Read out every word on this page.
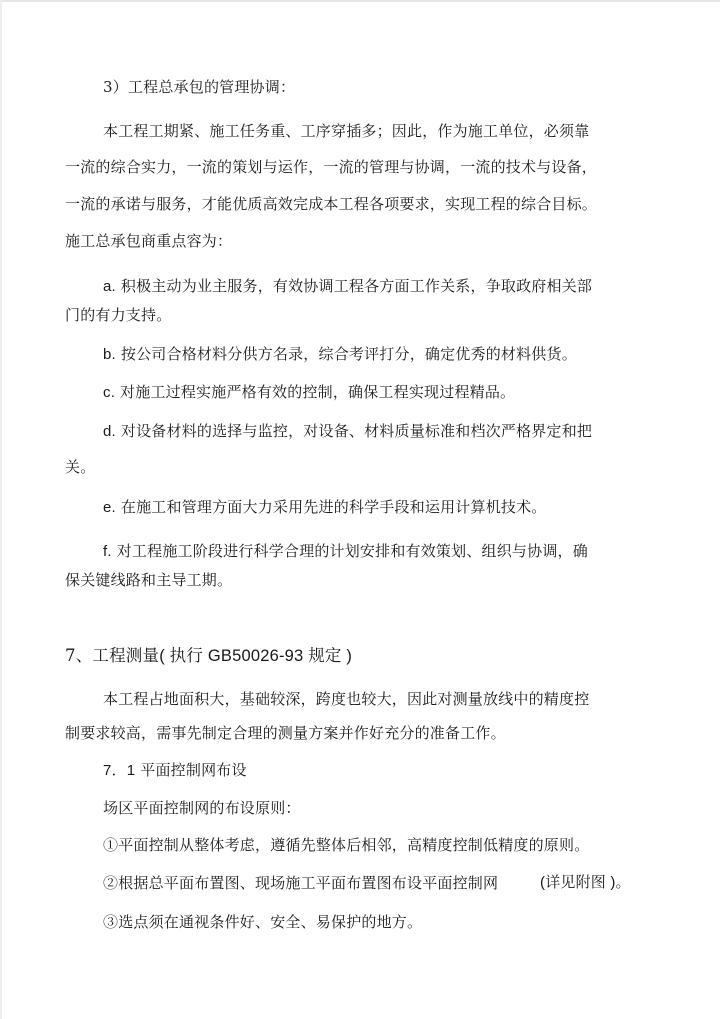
3）工程总承包的管理协调：
本工程工期紧、施工任务重、工序穿插多；因此，作为施工单位，必须靠
一流的综合实力，一流的策划与运作，一流的管理与协调，一流的技术与设备，
一流的承诺与服务，才能优质高效完成本工程各项要求，实现工程的综合目标。
施工总承包商重点容为：
a. 积极主动为业主服务，有效协调工程各方面工作关系，争取政府相关部
门的有力支持。
b. 按公司合格材料分供方名录，综合考评打分，确定优秀的材料供货。
c. 对施工过程实施严格有效的控制，确保工程实现过程精品。
d. 对设备材料的选择与监控，对设备、材料质量标准和档次严格界定和把
关。
e. 在施工和管理方面大力采用先进的科学手段和运用计算机技术。
f. 对工程施工阶段进行科学合理的计划安排和有效策划、组织与协调，确
保关键线路和主导工期。
7、工程测量( 执行 GB50026-93 规定 )
本工程占地面积大，基础较深，跨度也较大，因此对测量放线中的精度控
制要求较高，需事先制定合理的测量方案并作好充分的准备工作。
7．1 平面控制网布设
场区平面控制网的布设原则：
①平面控制从整体考虑，遵循先整体后相邻，高精度控制低精度的原则。
②根据总平面布置图、现场施工平面布置图布设平面控制网	(详见附图 )。
③选点须在通视条件好、安全、易保护的地方。
